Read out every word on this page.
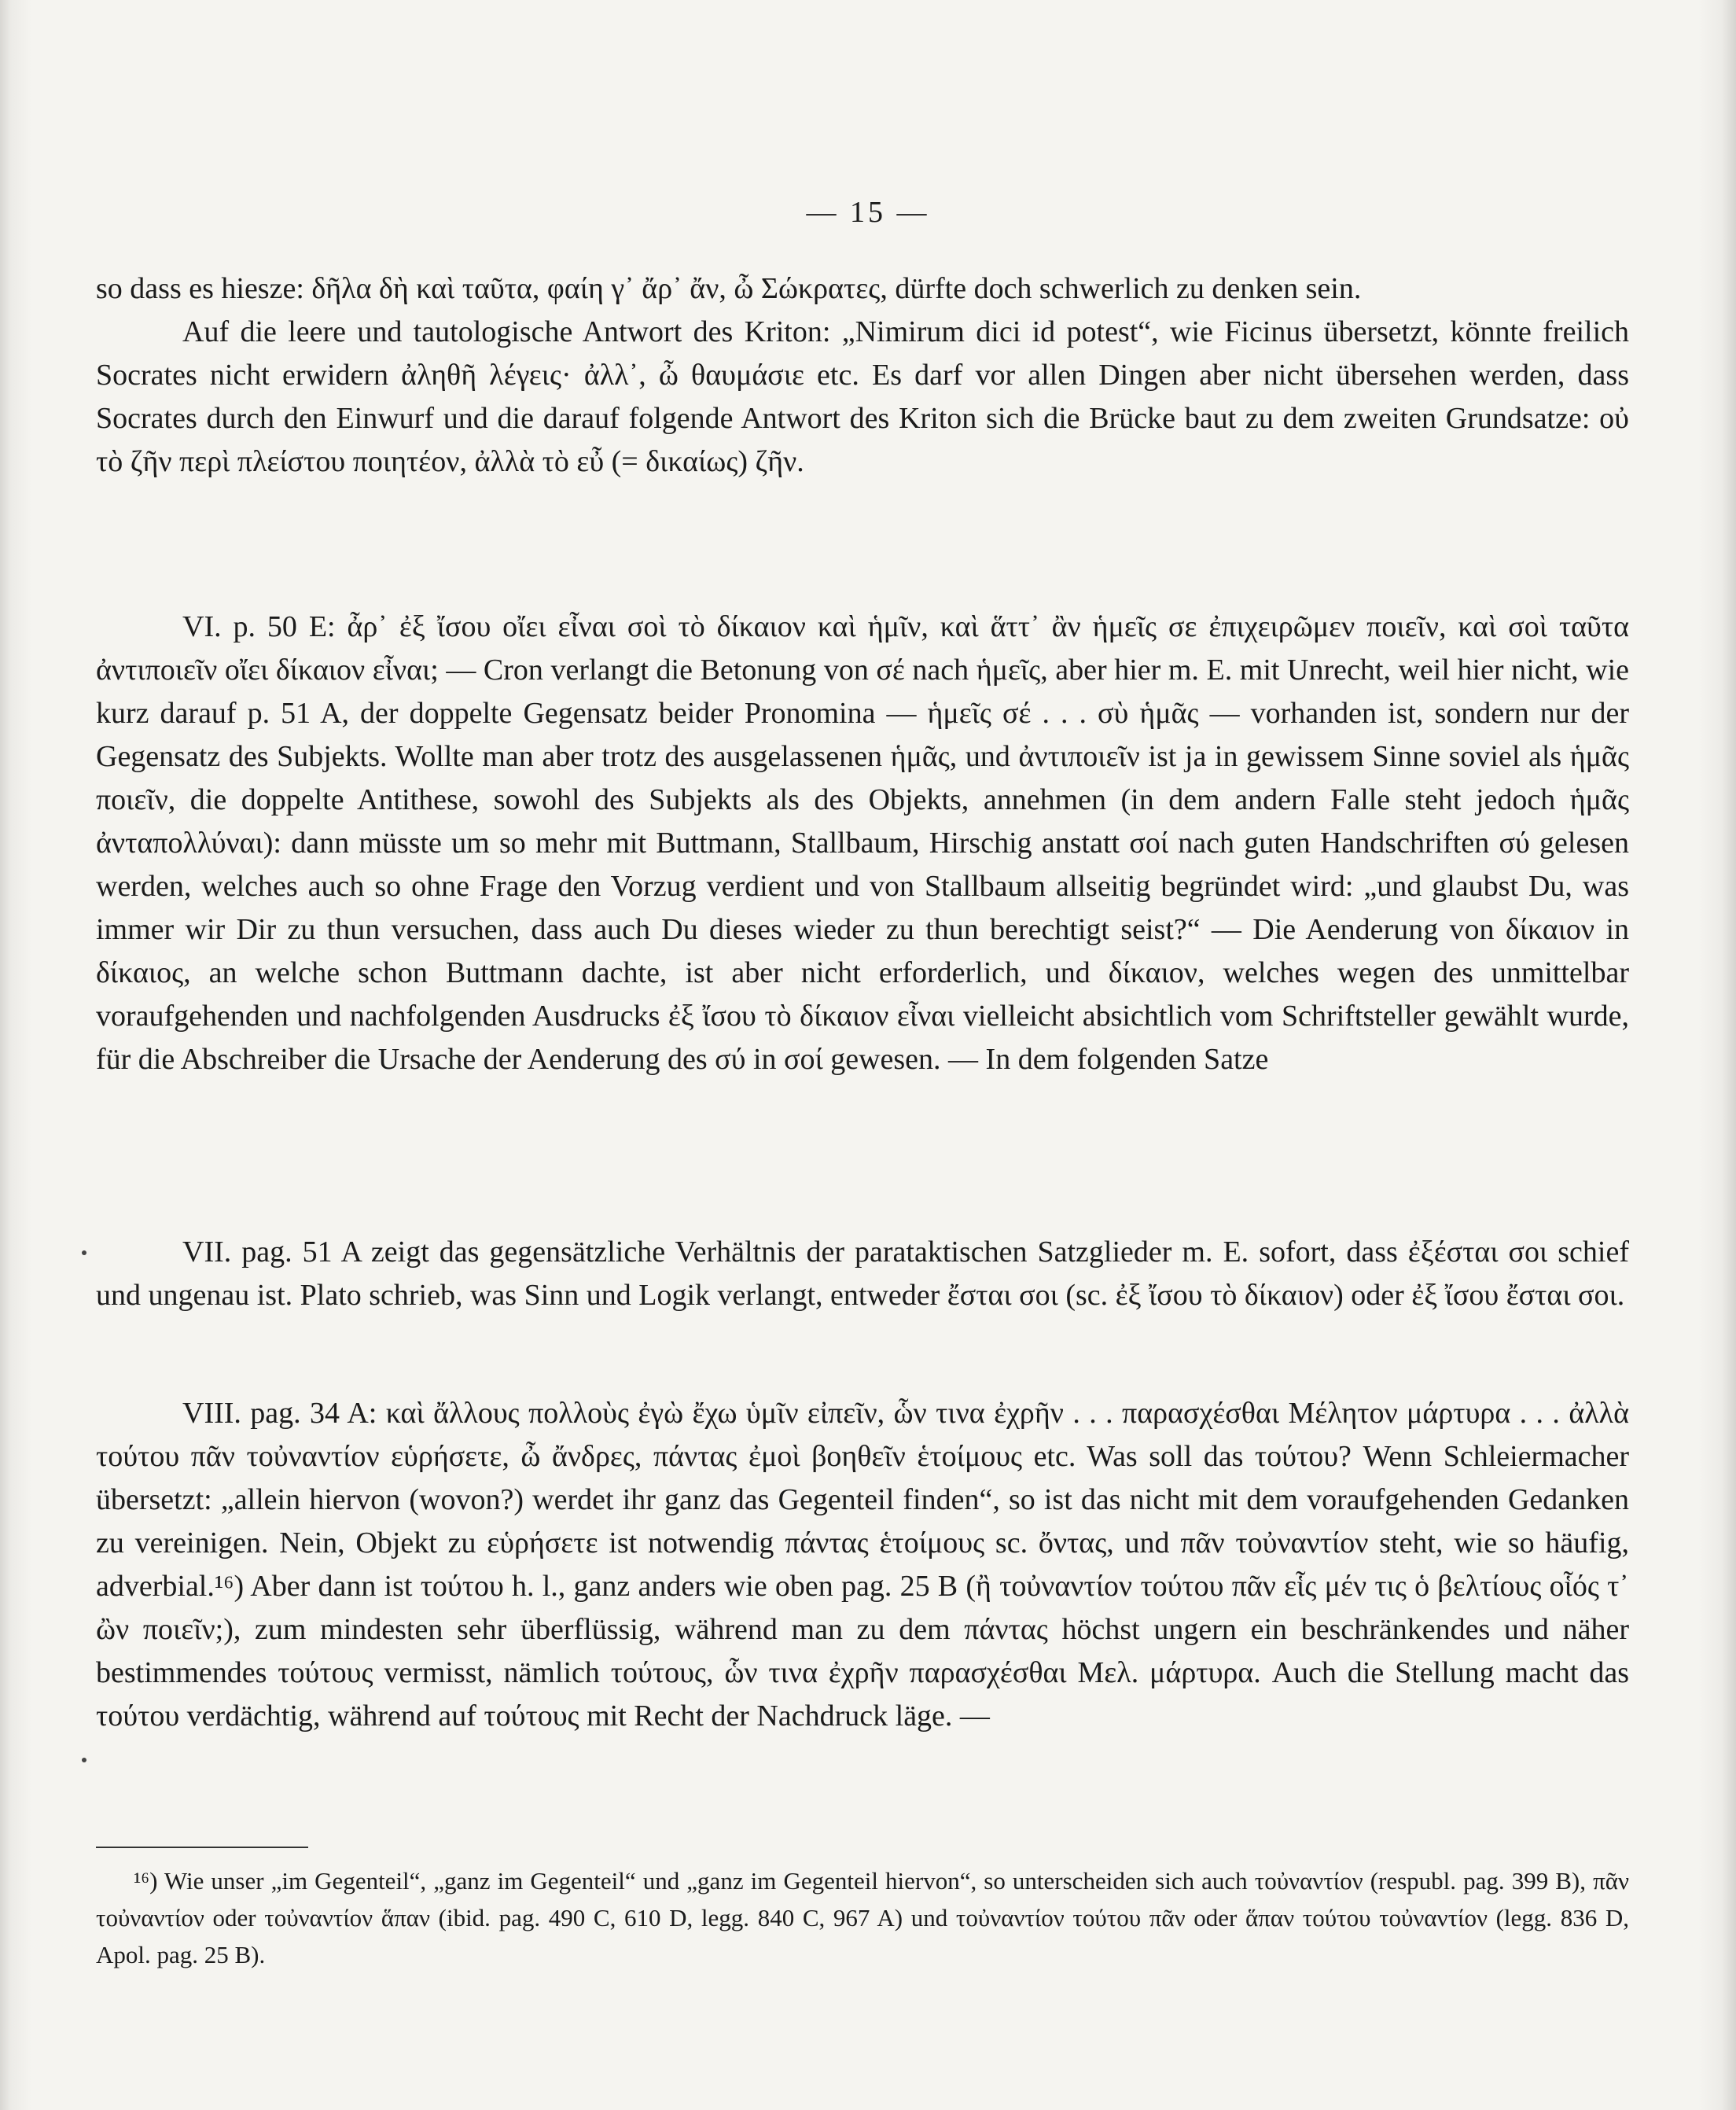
— 15 —

so dass es hiesze: δῆλα δὴ καὶ ταῦτα, φαίη γ᾽ ἄρ᾽ ἄν, ὦ Σώκρατες, dürfte doch schwerlich zu denken sein.

Auf die leere und tautologische Antwort des Kriton: „Nimirum dici id potest“, wie Ficinus übersetzt, könnte freilich Socrates nicht erwidern ἀληθῆ λέγεις· ἀλλ᾽, ὦ θαυμάσιε etc. Es darf vor allen Dingen aber nicht übersehen werden, dass Socrates durch den Einwurf und die darauf folgende Antwort des Kriton sich die Brücke baut zu dem zweiten Grundsatze: οὐ τὸ ζῆν περὶ πλείστου ποιητέον, ἀλλὰ τὸ εὖ (= δικαίως) ζῆν.

VI. p. 50 E: ἆρ᾽ ἐξ ἴσου οἴει εἶναι σοὶ τὸ δίκαιον καὶ ἡμῖν, καὶ ἅττ᾽ ἂν ἡμεῖς σε ἐπιχειρῶμεν ποιεῖν, καὶ σοὶ ταῦτα ἀντιποιεῖν οἴει δίκαιον εἶναι; — Cron verlangt die Betonung von σέ nach ἡμεῖς, aber hier m. E. mit Unrecht, weil hier nicht, wie kurz darauf p. 51 A, der doppelte Gegensatz beider Pronomina — ἡμεῖς σέ . . . σὺ ἡμᾶς — vorhanden ist, sondern nur der Gegensatz des Subjekts. Wollte man aber trotz des ausgelassenen ἡμᾶς, und ἀντιποιεῖν ist ja in gewissem Sinne soviel als ἡμᾶς ποιεῖν, die doppelte Antithese, sowohl des Subjekts als des Objekts, annehmen (in dem andern Falle steht jedoch ἡμᾶς ἀνταπολλύναι): dann müsste um so mehr mit Buttmann, Stallbaum, Hirschig anstatt σοί nach guten Handschriften σύ gelesen werden, welches auch so ohne Frage den Vorzug verdient und von Stallbaum allseitig begründet wird: „und glaubst Du, was immer wir Dir zu thun versuchen, dass auch Du dieses wieder zu thun berechtigt seist?“ — Die Aenderung von δίκαιον in δίκαιος, an welche schon Buttmann dachte, ist aber nicht erforderlich, und δίκαιον, welches wegen des unmittelbar voraufgehenden und nachfolgenden Ausdrucks ἐξ ἴσου τὸ δίκαιον εἶναι vielleicht absichtlich vom Schriftsteller gewählt wurde, für die Abschreiber die Ursache der Aenderung des σύ in σοί gewesen. — In dem folgenden Satze

VII. pag. 51 A zeigt das gegensätzliche Verhältnis der parataktischen Satzglieder m. E. sofort, dass ἐξέσται σοι schief und ungenau ist. Plato schrieb, was Sinn und Logik verlangt, entweder ἔσται σοι (sc. ἐξ ἴσου τὸ δίκαιον) oder ἐξ ἴσου ἔσται σοι.

VIII. pag. 34 A: καὶ ἄλλους πολλοὺς ἐγὼ ἔχω ὑμῖν εἰπεῖν, ὧν τινα ἐχρῆν . . . παρασχέσθαι Μέλητον μάρτυρα . . . ἀλλὰ τούτου πᾶν τοὐναντίον εὑρήσετε, ὦ ἄνδρες, πάντας ἐμοὶ βοηθεῖν ἑτοίμους etc. Was soll das τούτου? Wenn Schleiermacher übersetzt: „allein hiervon (wovon?) werdet ihr ganz das Gegenteil finden“, so ist das nicht mit dem voraufgehenden Gedanken zu vereinigen. Nein, Objekt zu εὑρήσετε ist notwendig πάντας ἑτοίμους sc. ὄντας, und πᾶν τοὐναντίον steht, wie so häufig, adverbial.¹⁶) Aber dann ist τούτου h. l., ganz anders wie oben pag. 25 B (ἢ τοὐναντίον τούτου πᾶν εἷς μέν τις ὁ βελτίους οἷός τ᾽ ὢν ποιεῖν;), zum mindesten sehr überflüssig, während man zu dem πάντας höchst ungern ein beschränkendes und näher bestimmendes τούτους vermisst, nämlich τούτους, ὧν τινα ἐχρῆν παρασχέσθαι Μελ. μάρτυρα. Auch die Stellung macht das τούτου verdächtig, während auf τούτους mit Recht der Nachdruck läge. —

¹⁶) Wie unser „im Gegenteil“, „ganz im Gegenteil“ und „ganz im Gegenteil hiervon“, so unterscheiden sich auch τοὐναντίον (respubl. pag. 399 B), πᾶν τοὐναντίον oder τοὐναντίον ἅπαν (ibid. pag. 490 C, 610 D, legg. 840 C, 967 A) und τοὐναντίον τούτου πᾶν oder ἅπαν τούτου τοὐναντίον (legg. 836 D, Apol. pag. 25 B).
